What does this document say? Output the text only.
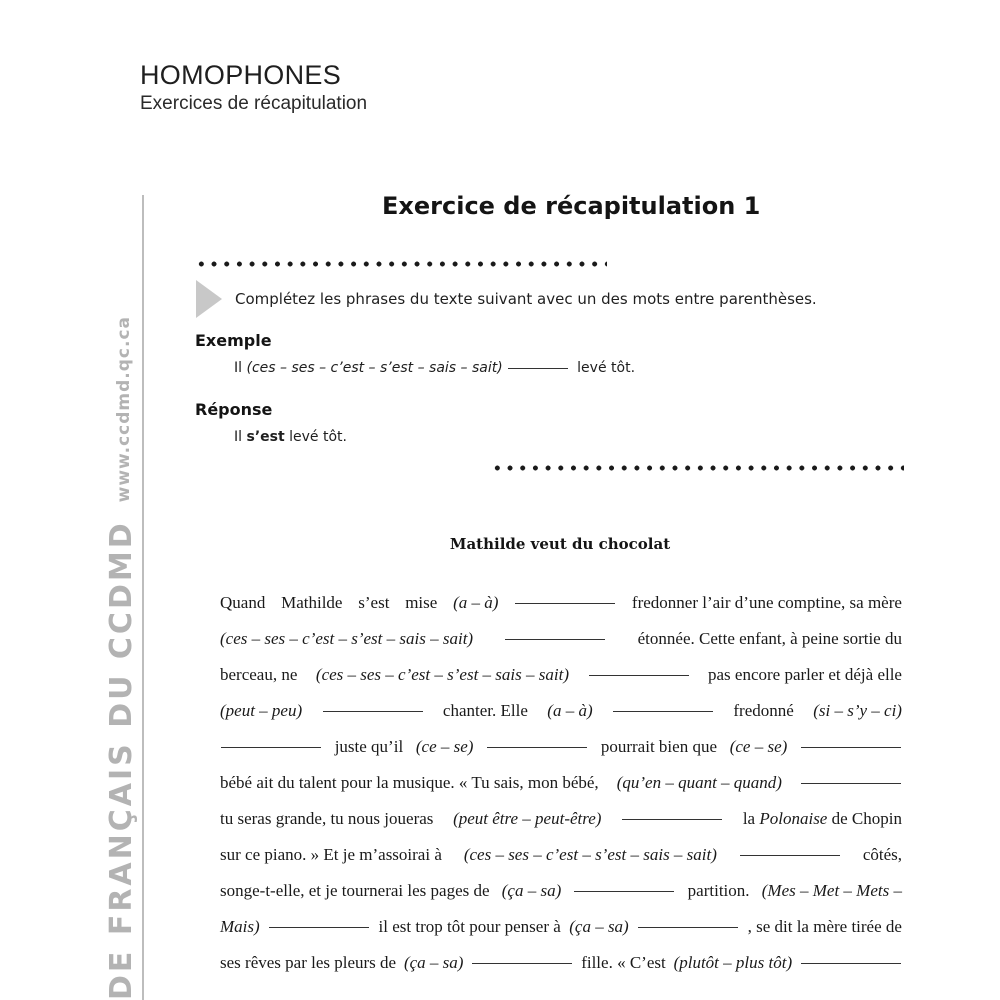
HOMOPHONES
Exercices de récapitulation
DE FRANÇAIS DU CCDMDwww.ccdmd.qc.ca
Exercice de récapitulation 1
Complétez les phrases du texte suivant avec un des mots entre parenthèses.
Exemple
Il (ces – ses – c’est – s’est – sais – sait)	levé tôt.
Réponse
Il s’est levé tôt.
Mathilde veut du chocolat
Quand Mathilde s’est mise (a – à)	fredonner l’air d’une comptine, sa mère
(ces – ses – c’est – s’est – sais – sait)	étonnée. Cette enfant, à peine sortie du
berceau, ne (ces – ses – c’est – s’est – sais – sait)	pas encore parler et déjà elle
(peut – peu)	chanter. Elle (a – à)	fredonné (si – s’y – ci)
juste qu’il (ce – se)	pourrait bien que (ce – se)
bébé ait du talent pour la musique. « Tu sais, mon bébé, (qu’en – quant – quand)
tu seras grande, tu nous joueras (peut être – peut-être)	la Polonaise de Chopin
sur ce piano. » Et je m’assoirai à (ces – ses – c’est – s’est – sais – sait)	côtés,
songe-t-elle, et je tournerai les pages de (ça – sa)	partition. (Mes – Met – Mets –
Mais)	il est trop tôt pour penser à (ça – sa)	, se dit la mère tirée de
ses rêves par les pleurs de (ça – sa)	fille. « C’est (plutôt – plus tôt)
